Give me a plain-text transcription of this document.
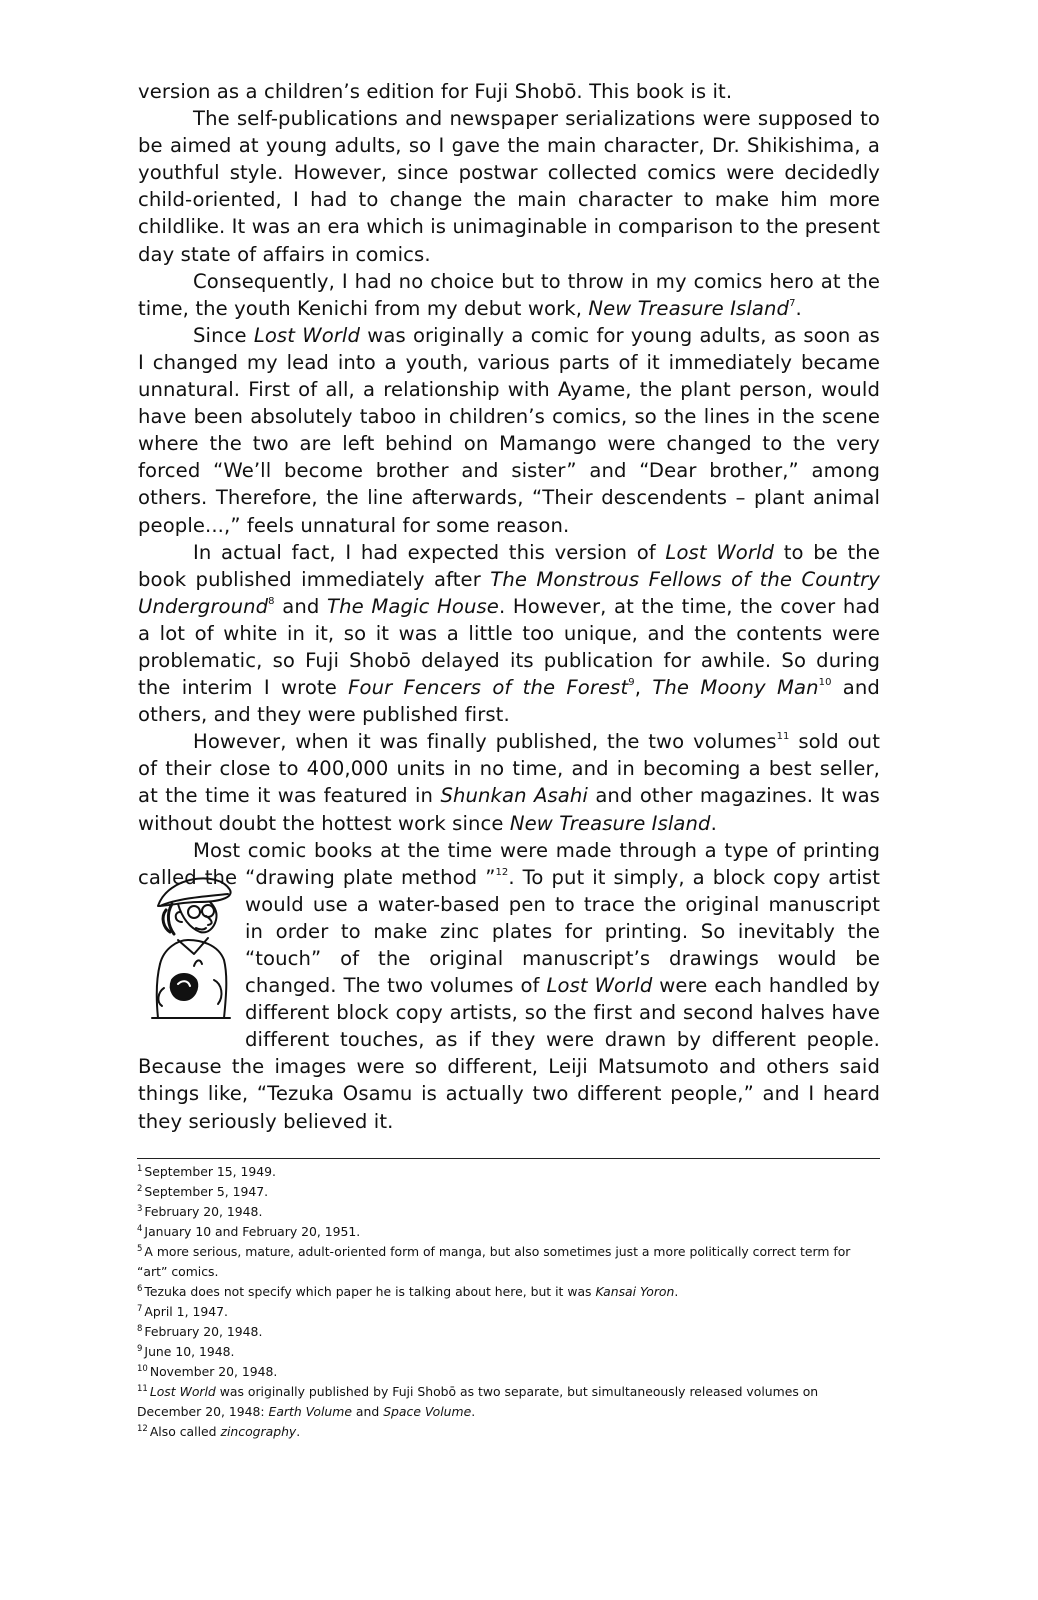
version as a children’s edition for Fuji Shobō. This book is it.

The self-publications and newspaper serializations were supposed to be aimed at young adults, so I gave the main character, Dr. Shikishima, a youthful style. However, since postwar collected comics were decidedly child-oriented, I had to change the main character to make him more childlike. It was an era which is unimaginable in comparison to the present day state of affairs in comics.

Consequently, I had no choice but to throw in my comics hero at the time, the youth Kenichi from my debut work, New Treasure Island$^7$.

Since Lost World was originally a comic for young adults, as soon as I changed my lead into a youth, various parts of it immediately became unnatural. First of all, a relationship with Ayame, the plant person, would have been absolutely taboo in children’s comics, so the lines in the scene where the two are left behind on Mamango were changed to the very forced “We’ll become brother and sister” and “Dear brother,” among others. Therefore, the line afterwards, “Their descendents – plant animal people...,” feels unnatural for some reason.

In actual fact, I had expected this version of Lost World to be the book published immediately after The Monstrous Fellows of the Country Underground$^8$ and The Magic House. However, at the time, the cover had a lot of white in it, so it was a little too unique, and the contents were problematic, so Fuji Shobō delayed its publication for awhile. So during the interim I wrote Four Fencers of the Forest$^9$, The Moony Man$^{10}$ and others, and they were published first.

However, when it was finally published, the two volumes$^{11}$ sold out of their close to 400,000 units in no time, and in becoming a best seller, at the time it was featured in Shunkan Asahi and other magazines. It was without doubt the hottest work since New Treasure Island.

Most comic books at the time were made through a type of printing called the “drawing plate method ”$^{12}$. To put it simply, a block copy artist would use a water-based pen to trace the original manuscript in order to make zinc plates for printing. So inevitably the “touch” of the original manuscript’s drawings would be changed. The two volumes of Lost World were each handled by different block copy artists, so the first and second halves have different touches, as if they were drawn by different people. Because the images were so different, Leiji Matsumoto and others said things like, “Tezuka Osamu is actually two different people,” and I heard they seriously believed it.

$^1$ September 15, 1949.

$^2$ September 5, 1947.

$^3$ February 20, 1948.

$^4$ January 10 and February 20, 1951.

$^5$ A more serious, mature, adult-oriented form of manga, but also sometimes just a more politically correct term for “art” comics.

$^6$ Tezuka does not specify which paper he is talking about here, but it was Kansai Yoron.

$^7$ April 1, 1947.

$^8$ February 20, 1948.

$^9$ June 10, 1948.

$^{10}$ November 20, 1948.

$^{11}$ Lost World was originally published by Fuji Shobō as two separate, but simultaneously released volumes on December 20, 1948: Earth Volume and Space Volume.

$^{12}$ Also called zincography.
